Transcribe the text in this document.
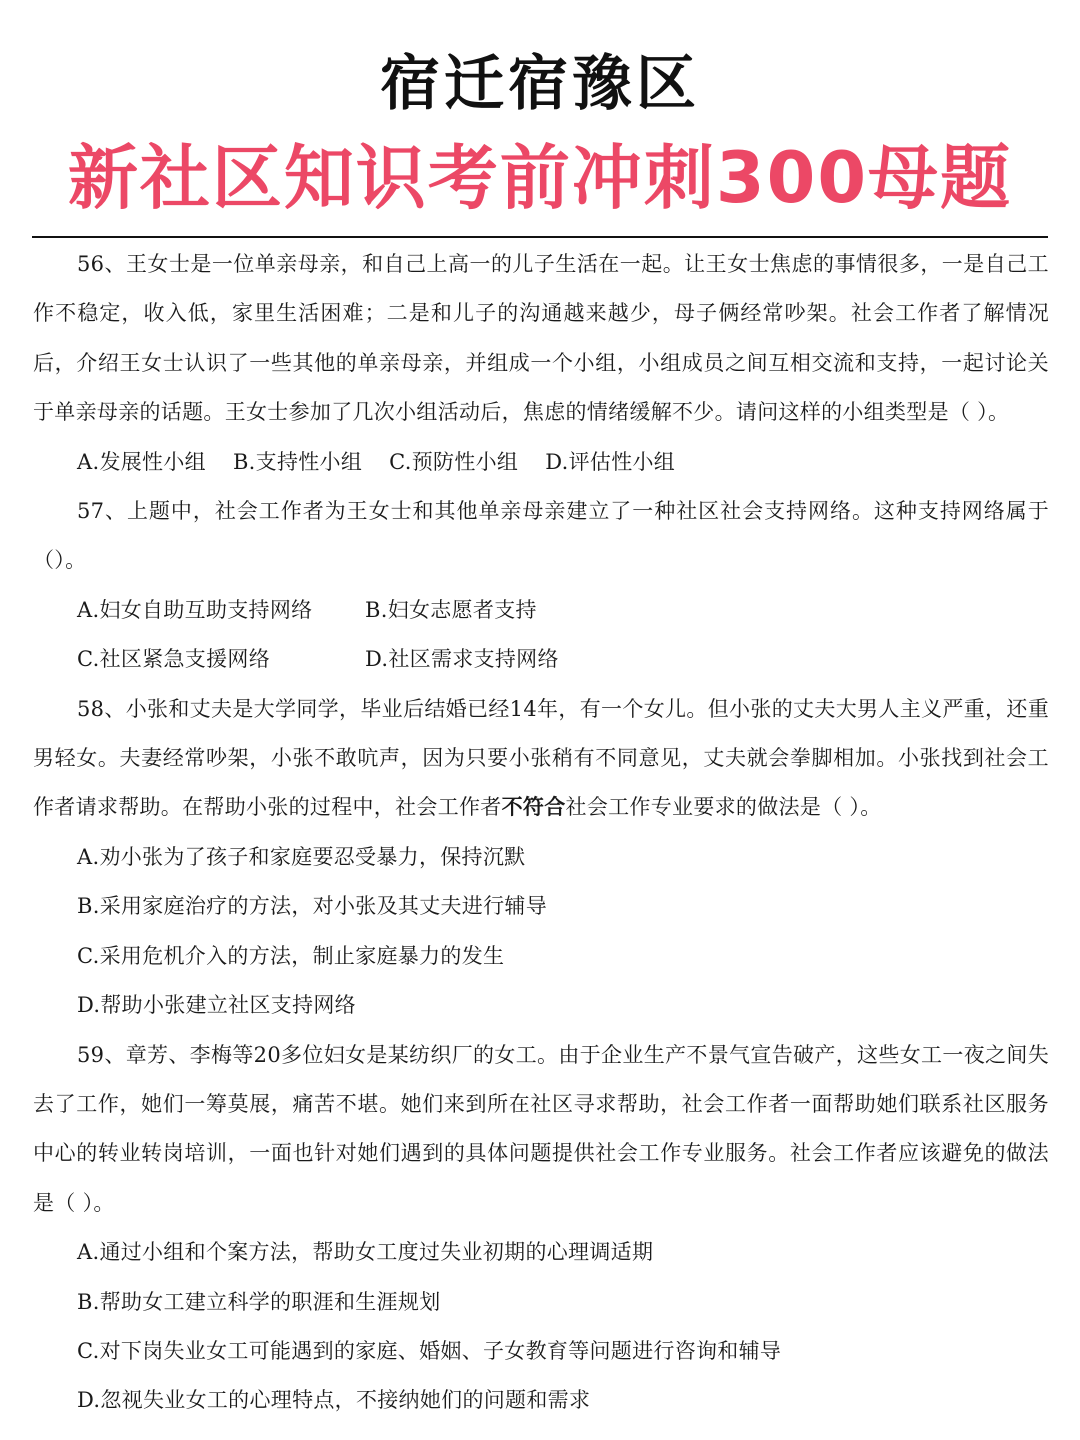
宿迁宿豫区
新社区知识考前冲刺300母题

56、王女士是一位单亲母亲，和自己上高一的儿子生活在一起。让王女士焦虑的事情很多，一是自己工作不稳定，收入低，家里生活困难；二是和儿子的沟通越来越少，母子俩经常吵架。社会工作者了解情况后，介绍王女士认识了一些其他的单亲母亲，并组成一个小组，小组成员之间互相交流和支持，一起讨论关于单亲母亲的话题。王女士参加了几次小组活动后，焦虑的情绪缓解不少。请问这样的小组类型是（ ）。

A.发展性小组 B.支持性小组 C.预防性小组 D.评估性小组

57、上题中，社会工作者为王女士和其他单亲母亲建立了一种社区社会支持网络。这种支持网络属于（）。

A.妇女自助互助支持网络	B.妇女志愿者支持

C.社区紧急支援网络	D.社区需求支持网络

58、小张和丈夫是大学同学，毕业后结婚已经14年，有一个女儿。但小张的丈夫大男人主义严重，还重男轻女。夫妻经常吵架，小张不敢吭声，因为只要小张稍有不同意见，丈夫就会拳脚相加。小张找到社会工作者请求帮助。在帮助小张的过程中，社会工作者不符合社会工作专业要求的做法是（ ）。

A.劝小张为了孩子和家庭要忍受暴力，保持沉默

B.采用家庭治疗的方法，对小张及其丈夫进行辅导

C.采用危机介入的方法，制止家庭暴力的发生

D.帮助小张建立社区支持网络

59、章芳、李梅等20多位妇女是某纺织厂的女工。由于企业生产不景气宣告破产，这些女工一夜之间失去了工作，她们一筹莫展，痛苦不堪。她们来到所在社区寻求帮助，社会工作者一面帮助她们联系社区服务中心的转业转岗培训，一面也针对她们遇到的具体问题提供社会工作专业服务。社会工作者应该避免的做法是（ ）。

A.通过小组和个案方法，帮助女工度过失业初期的心理调适期

B.帮助女工建立科学的职涯和生涯规划

C.对下岗失业女工可能遇到的家庭、婚姻、子女教育等问题进行咨询和辅导

D.忽视失业女工的心理特点，不接纳她们的问题和需求
